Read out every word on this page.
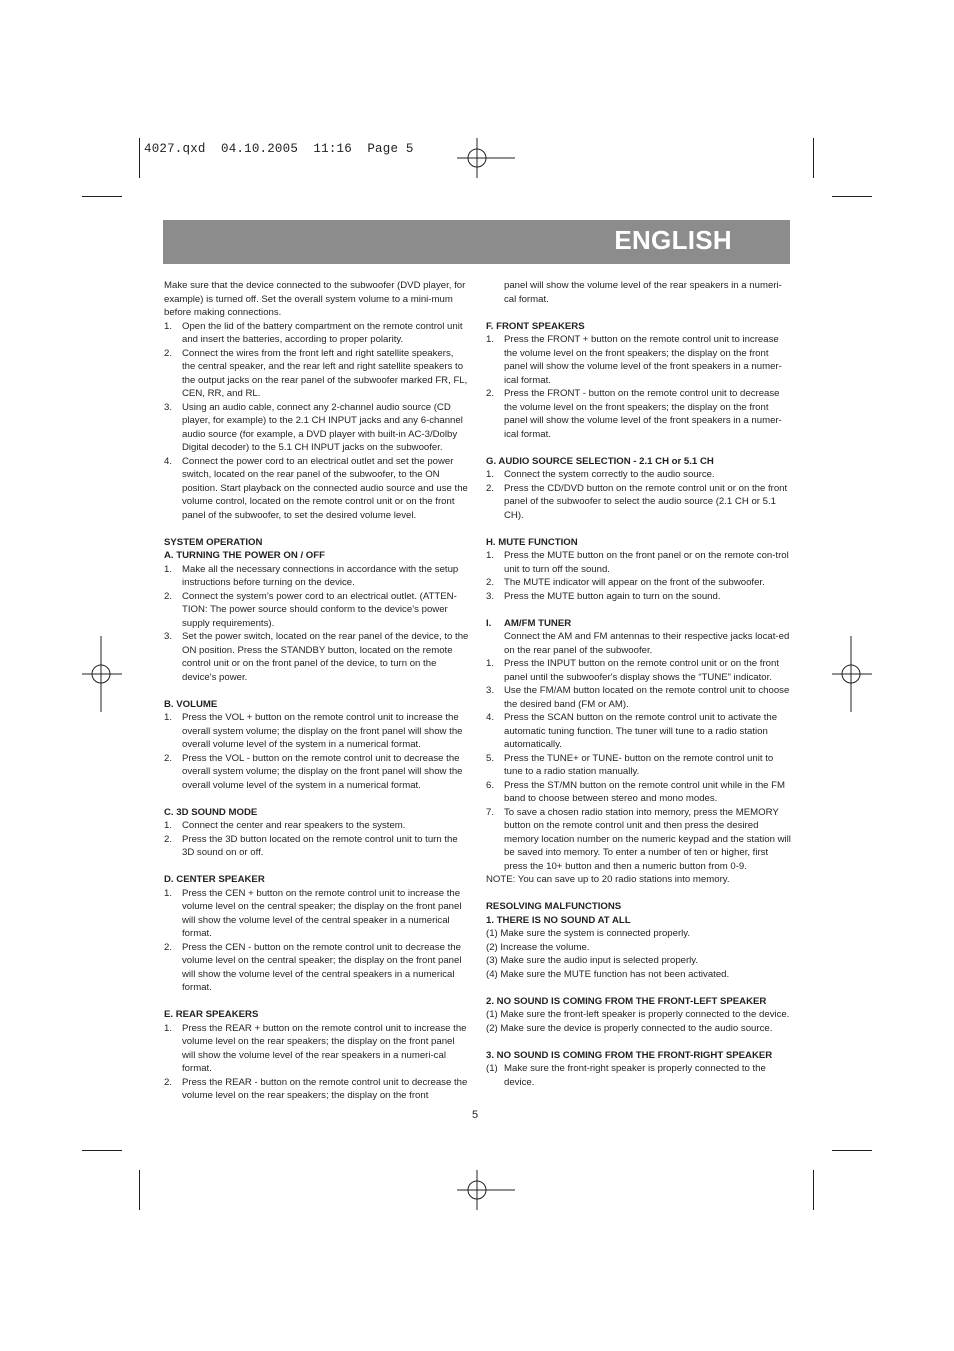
4027.qxd  04.10.2005  11:16  Page 5
ENGLISH

Make sure that the device connected to the subwoofer (DVD player, for example) is turned off. Set the overall system volume to a mini-mum before making connections.

1.	Open the lid of the battery compartment on the remote control unit and insert the batteries, according to proper polarity.
2.	Connect the wires from the front left and right satellite speakers, the central speaker, and the rear left and right satellite speakers to the output jacks on the rear panel of the subwoofer marked FR, FL, CEN, RR, and RL.
3.	Using an audio cable, connect any 2-channel audio source (CD player, for example) to the 2.1 CH INPUT jacks and any 6-channel audio source (for example, a DVD player with built-in AC-3/Dolby Digital decoder) to the 5.1 CH INPUT jacks on the subwoofer.
4.	Connect the power cord to an electrical outlet and set the power switch, located on the rear panel of the subwoofer, to the ON position. Start playback on the connected audio source and use the volume control, located on the remote control unit or on the front panel of the subwoofer, to set the desired volume level.
SYSTEM OPERATION
A. TURNING THE POWER ON / OFF
1.	Make all the necessary connections in accordance with the setup instructions before turning on the device.
2.	Connect the system’s power cord to an electrical outlet. (ATTEN-TION: The power source should conform to the device’s power supply requirements).
3.	Set the power switch, located on the rear panel of the device, to the ON position. Press the STANDBY button, located on the remote control unit or on the front panel of the device, to turn on the device's power.
B. VOLUME
1.	Press the VOL + button on the remote control unit to increase the overall system volume; the display on the front panel will show the overall volume level of the system in a numerical format.
2.	Press the VOL - button on the remote control unit to decrease the overall system volume; the display on the front panel will show the overall volume level of the system in a numerical format.
C. 3D SOUND MODE
1.	Connect the center and rear speakers to the system.
2.	Press the 3D button located on the remote control unit to turn the 3D sound on or off.
D. CENTER SPEAKER
1.	Press the CEN + button on the remote control unit to increase the volume level on the central speaker; the display on the front panel will show the volume level of the central speaker in a numerical format.
2.	Press the CEN - button on the remote control unit to decrease the volume level on the central speaker; the display on the front panel will show the volume level of the central speakers in a numerical format.
E. REAR SPEAKERS
1.	Press the REAR + button on the remote control unit to increase the volume level on the rear speakers; the display on the front panel will show the volume level of the rear speakers in a numeri-cal format.
2.	Press the REAR - button on the remote control unit to decrease the volume level on the rear speakers; the display on the front

panel will show the volume level of the rear speakers in a numeri-cal format.

F. FRONT SPEAKERS
1.	Press the FRONT + button on the remote control unit to increase the volume level on the front speakers; the display on the front panel will show the volume level of the front speakers in a numer-ical format.
2.	Press the FRONT - button on the remote control unit to decrease the volume level on the front speakers; the display on the front panel will show the volume level of the front speakers in a numer-ical format.
G. AUDIO SOURCE SELECTION - 2.1 CH or 5.1 CH
1.	Connect the system correctly to the audio source.
2.	Press the CD/DVD button on the remote control unit or on the front panel of the subwoofer to select the audio source (2.1 CH or 5.1 CH).
H. MUTE FUNCTION
1.	Press the MUTE button on the front panel or on the remote con-trol unit to turn off the sound.
2.	The MUTE indicator will appear on the front of the subwoofer.
3.	Press the MUTE button again to turn on the sound.
I.	AM/FM TUNER

Connect the AM and FM antennas to their respective jacks locat-ed on the rear panel of the subwoofer.

1.	Press the INPUT button on the remote control unit or on the front panel until the subwoofer's display shows the “TUNE” indicator.
3.	Use the FM/AM button located on the remote control unit to choose the desired band (FM or AM).
4.	Press the SCAN button on the remote control unit to activate the automatic tuning function. The tuner will tune to a radio station automatically.
5.	Press the TUNE+ or TUNE- button on the remote control unit to tune to a radio station manually.
6.	Press the ST/MN button on the remote control unit while in the FM band to choose between stereo and mono modes.
7.	To save a chosen radio station into memory, press the MEMORY button on the remote control unit and then press the desired memory location number on the numeric keypad and the station will be saved into memory. To enter a number of ten or higher, first press the 10+ button and then a numeric button from 0-9.

NOTE: You can save up to 20 radio stations into memory.

RESOLVING MALFUNCTIONS
1. THERE IS NO SOUND AT ALL

(1) Make sure the system is connected properly.

(2) Increase the volume.

(3) Make sure the audio input is selected properly.

(4) Make sure the MUTE function has not been activated.

2. NO SOUND IS COMING FROM THE FRONT-LEFT SPEAKER

(1) Make sure the front-left speaker is properly connected to the device.

(2) Make sure the device is properly connected to the audio source.

3. NO SOUND IS COMING FROM THE FRONT-RIGHT SPEAKER
(1) Make sure the front-right speaker is properly connected to the device.
5
